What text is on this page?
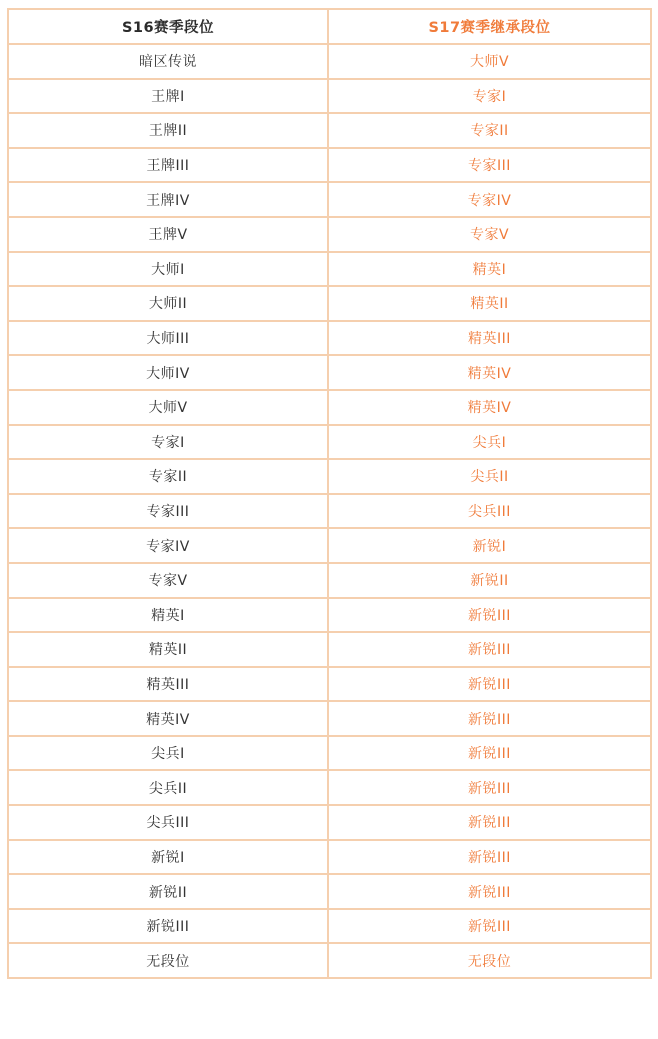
S16赛季段位	S17赛季继承段位
暗区传说	大师V
王牌I	专家I
王牌II	专家II
王牌III	专家III
王牌IV	专家IV
王牌V	专家V
大师I	精英I
大师II	精英II
大师III	精英III
大师IV	精英IV
大师V	精英IV
专家I	尖兵I
专家II	尖兵II
专家III	尖兵III
专家IV	新锐I
专家V	新锐II
精英I	新锐III
精英II	新锐III
精英III	新锐III
精英IV	新锐III
尖兵I	新锐III
尖兵II	新锐III
尖兵III	新锐III
新锐I	新锐III
新锐II	新锐III
新锐III	新锐III
无段位	无段位
